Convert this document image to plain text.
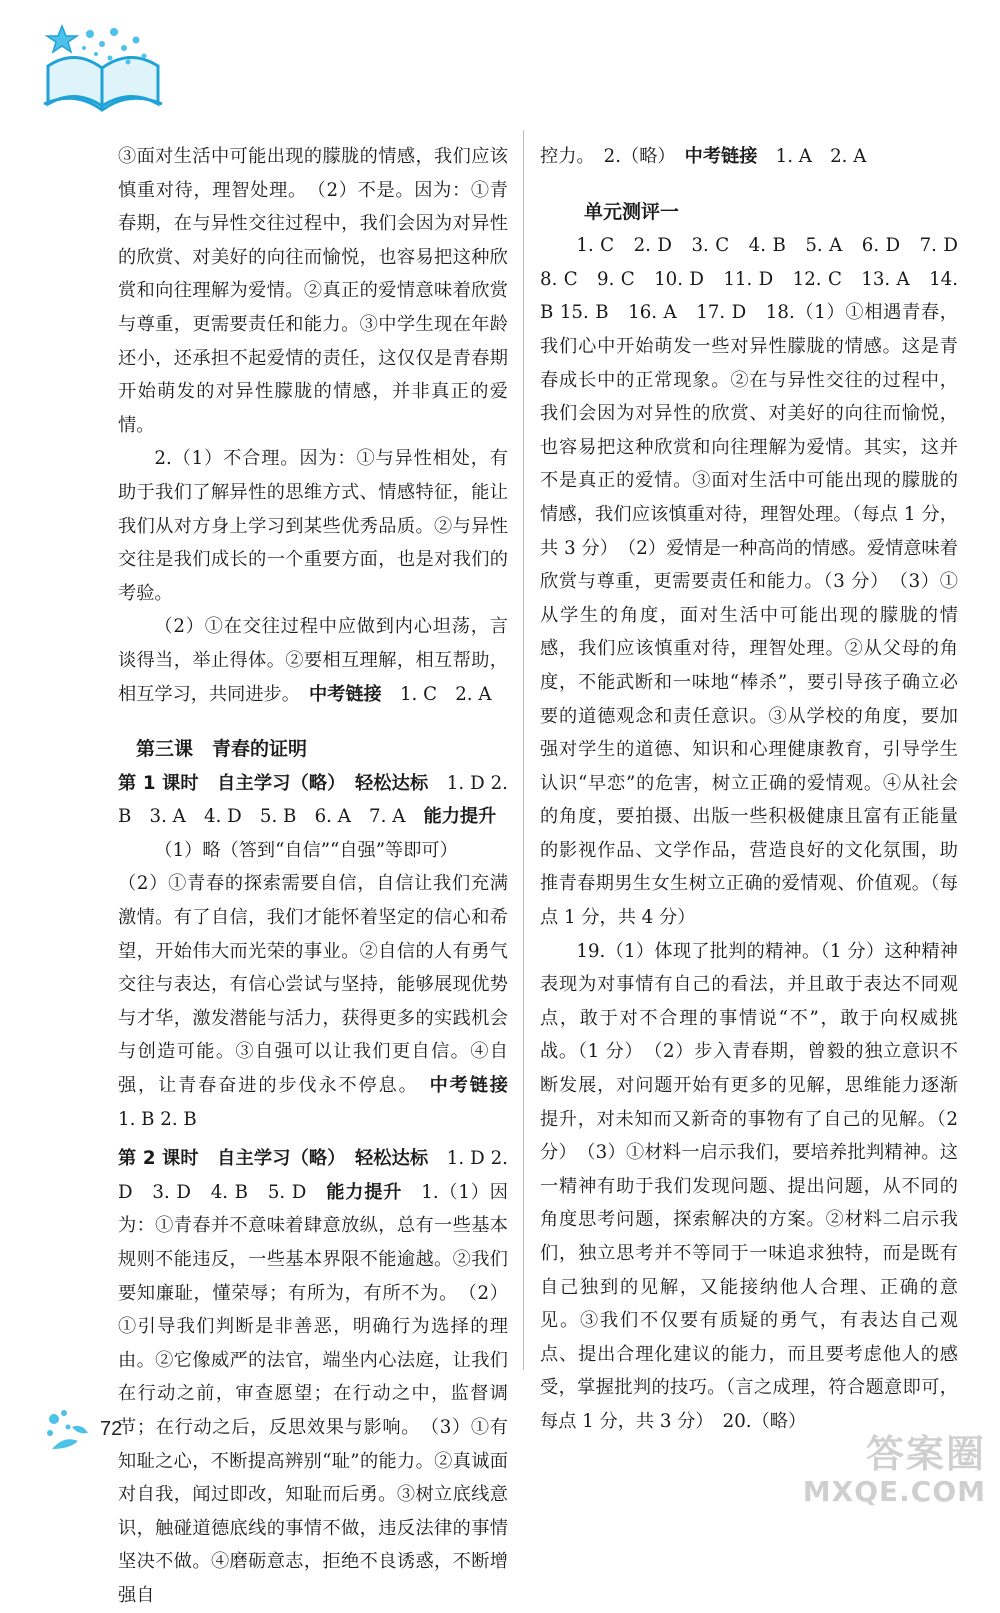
③面对生活中可能出现的朦胧的情感，我们应该慎重对待，理智处理。　（2）不是。因为：①青春期，在与异性交往过程中，我们会因为对异性的欣赏、对美好的向往而愉悦，也容易把这种欣赏和向往理解为爱情。②真正的爱情意味着欣赏与尊重，更需要责任和能力。③中学生现在年龄还小，还承担不起爱情的责任，这仅仅是青春期开始萌发的对异性朦胧的情感，并非真正的爱情。

2.（1）不合理。因为：①与异性相处，有助于我们了解异性的思维方式、情感特征，能让我们从对方身上学习到某些优秀品质。②与异性交往是我们成长的一个重要方面，也是对我们的考验。

（2）①在交往过程中应做到内心坦荡，言谈得当，举止得体。②要相互理解，相互帮助，相互学习，共同进步。　 中考链接　 1. C　2. A

第三课　青春的证明

第 1 课时　自主学习（略）　 轻松达标　 1. D 2. B　3. A　4. D　5. B　6. A　7. A　 能力提升

（1）略（答到“自信”“自强”等即可）

（2）①青春的探索需要自信，自信让我们充满激情。有了自信，我们才能怀着坚定的信心和希望，开始伟大而光荣的事业。②自信的人有勇气交往与表达，有信心尝试与坚持，能够展现优势与才华，激发潜能与活力，获得更多的实践机会与创造可能。③自强可以让我们更自信。④自强，让青春奋进的步伐永不停息。　 中考链接　1. B 2. B

第 2 课时　自主学习（略）　 轻松达标　 1. D 2. D　3. D　4. B　5. D　 能力提升　 1.（1）因为：①青春并不意味着肆意放纵，总有一些基本规则不能违反，一些基本界限不能逾越。②我们要知廉耻，懂荣辱；有所为，有所不为。　（2）①引导我们判断是非善恶，明确行为选择的理由。②它像威严的法官，端坐内心法庭，让我们在行动之前，审查愿望；在行动之中，监督调节；在行动之后，反思效果与影响。　（3）①有知耻之心，不断提高辨别“耻”的能力。②真诚面对自我，闻过即改，知耻而后勇。③树立底线意识，触碰道德底线的事情不做，违反法律的事情坚决不做。④磨砺意志，拒绝不良诱惑，不断增强自

控力。　2.（略）　中考链接　 1. A　2. A

单元测评一

1. C　2. D　3. C　4. B　5. A　6. D　7. D 8. C　9. C　10. D　11. D　12. C　13. A　14. B 15. B　16. A　17. D　18.（1）①相遇青春，我们心中开始萌发一些对异性朦胧的情感。这是青春成长中的正常现象。②在与异性交往的过程中，我们会因为对异性的欣赏、对美好的向往而愉悦，也容易把这种欣赏和向往理解为爱情。其实，这并不是真正的爱情。③面对生活中可能出现的朦胧的情感，我们应该慎重对待，理智处理。（每点 1 分，共 3 分）　（2）爱情是一种高尚的情感。爱情意味着欣赏与尊重，更需要责任和能力。（3 分）　（3）①从学生的角度，面对生活中可能出现的朦胧的情感，我们应该慎重对待，理智处理。②从父母的角度，不能武断和一味地“棒杀”，要引导孩子确立必要的道德观念和责任意识。③从学校的角度，要加强对学生的道德、知识和心理健康教育，引导学生认识“早恋”的危害，树立正确的爱情观。④从社会的角度，要拍摄、出版一些积极健康且富有正能量的影视作品、文学作品，营造良好的文化氛围，助推青春期男生女生树立正确的爱情观、价值观。（每点 1 分，共 4 分）

19.（1）体现了批判的精神。（1 分）这种精神表现为对事情有自己的看法，并且敢于表达不同观点，敢于对不合理的事情说“不”，敢于向权威挑战。（1 分）　（2）步入青春期，曾毅的独立意识不断发展，对问题开始有更多的见解，思维能力逐渐提升，对未知而又新奇的事物有了自己的见解。（2 分）　（3）①材料一启示我们，要培养批判精神。这一精神有助于我们发现问题、提出问题，从不同的角度思考问题，探索解决的方案。②材料二启示我们，独立思考并不等同于一味追求独特，而是既有自己独到的见解，又能接纳他人合理、正确的意见。③我们不仅要有质疑的勇气，有表达自己观点、提出合理化建议的能力，而且要考虑他人的感受，掌握批判的技巧。（言之成理，符合题意即可，每点 1 分，共 3 分）　20.（略）

72
答案圈
MXQE.COM
